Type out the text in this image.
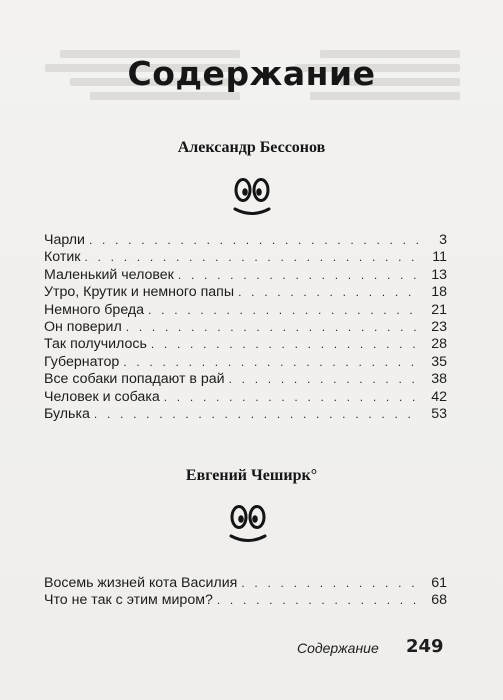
Содержание
Александр Бессонов
Чарли . . .	3
Котик . . .	11
Маленький человек . . .	13
Утро, Крутик и немного папы . . .	18
Немного бреда . . .	21
Он поверил . . .	23
Так получилось . . .	28
Губернатор . . .	35
Все собаки попадают в рай . . .	38
Человек и собака . . .	42
Булька . . .	53
Евгений Чеширк°
Восемь жизней кота Василия . . .	61
Что не так с этим миром? . . .	68
Содержание 249
